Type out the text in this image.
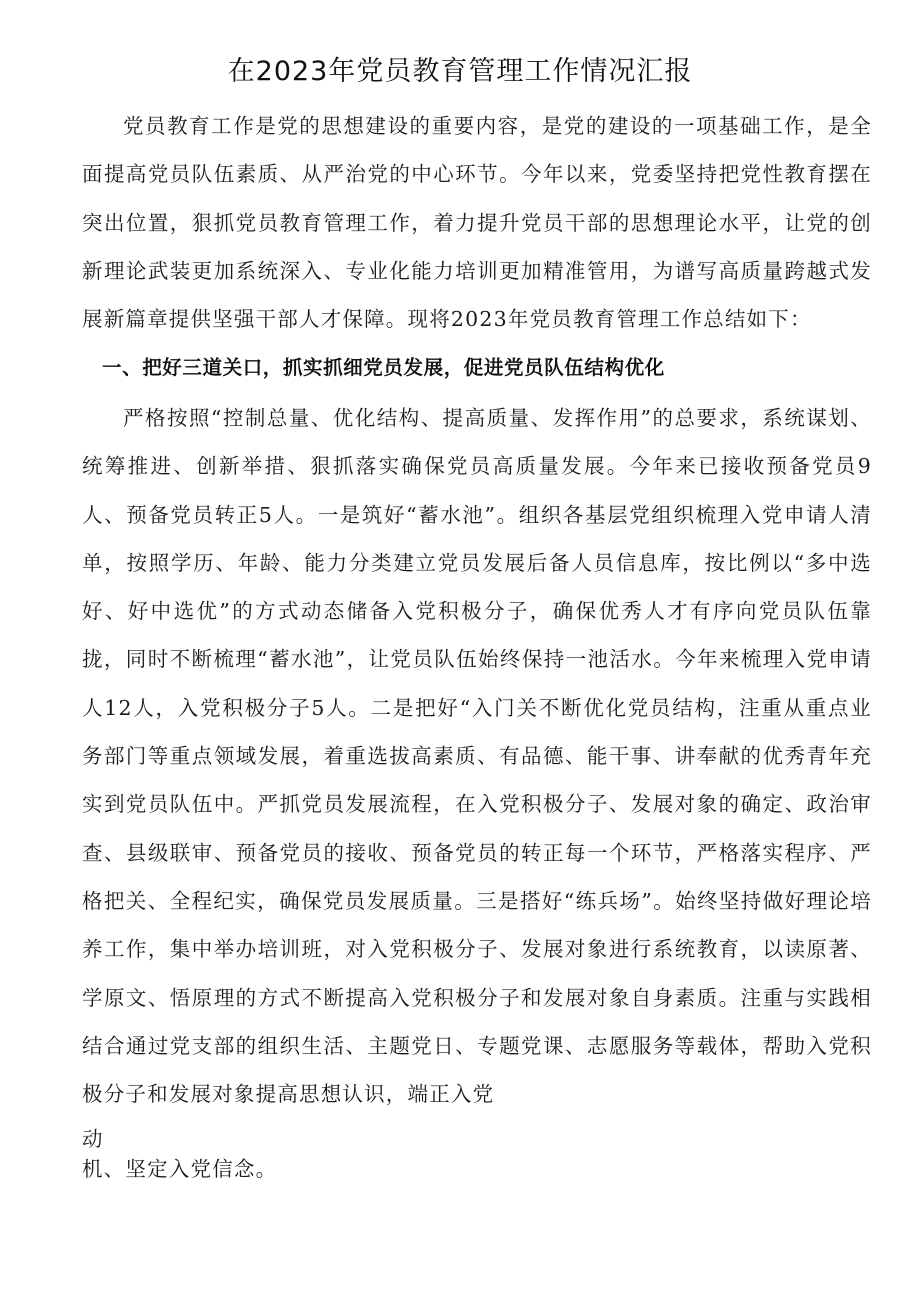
在2023年党员教育管理工作情况汇报

党员教育工作是党的思想建设的重要内容，是党的建设的一项基础工作，是全面提高党员队伍素质、从严治党的中心环节。今年以来，党委坚持把党性教育摆在突出位置，狠抓党员教育管理工作，着力提升党员干部的思想理论水平，让党的创新理论武装更加系统深入、专业化能力培训更加精准管用，为谱写高质量跨越式发展新篇章提供坚强干部人才保障。现将2023年党员教育管理工作总结如下：

一、把好三道关口，抓实抓细党员发展，促进党员队伍结构优化

严格按照“控制总量、优化结构、提高质量、发挥作用”的总要求，系统谋划、统筹推进、创新举措、狠抓落实确保党员高质量发展。今年来已接收预备党员9人、预备党员转正5人。一是筑好“蓄水池”。组织各基层党组织梳理入党申请人清单，按照学历、年龄、能力分类建立党员发展后备人员信息库，按比例以“多中选好、好中选优”的方式动态储备入党积极分子，确保优秀人才有序向党员队伍靠拢，同时不断梳理“蓄水池”，让党员队伍始终保持一池活水。今年来梳理入党申请人12人，入党积极分子5人。二是把好“入门关不断优化党员结构，注重从重点业务部门等重点领域发展，着重选拔高素质、有品德、能干事、讲奉献的优秀青年充实到党员队伍中。严抓党员发展流程，在入党积极分子、发展对象的确定、政治审查、县级联审、预备党员的接收、预备党员的转正每一个环节，严格落实程序、严格把关、全程纪实，确保党员发展质量。三是搭好“练兵场”。始终坚持做好理论培养工作，集中举办培训班，对入党积极分子、发展对象进行系统教育，以读原著、学原文、悟原理的方式不断提高入党积极分子和发展对象自身素质。注重与实践相结合通过党支部的组织生活、主题党日、专题党课、志愿服务等载体，帮助入党积极分子和发展对象提高思想认识，端正入党

动

机、坚定入党信念。
